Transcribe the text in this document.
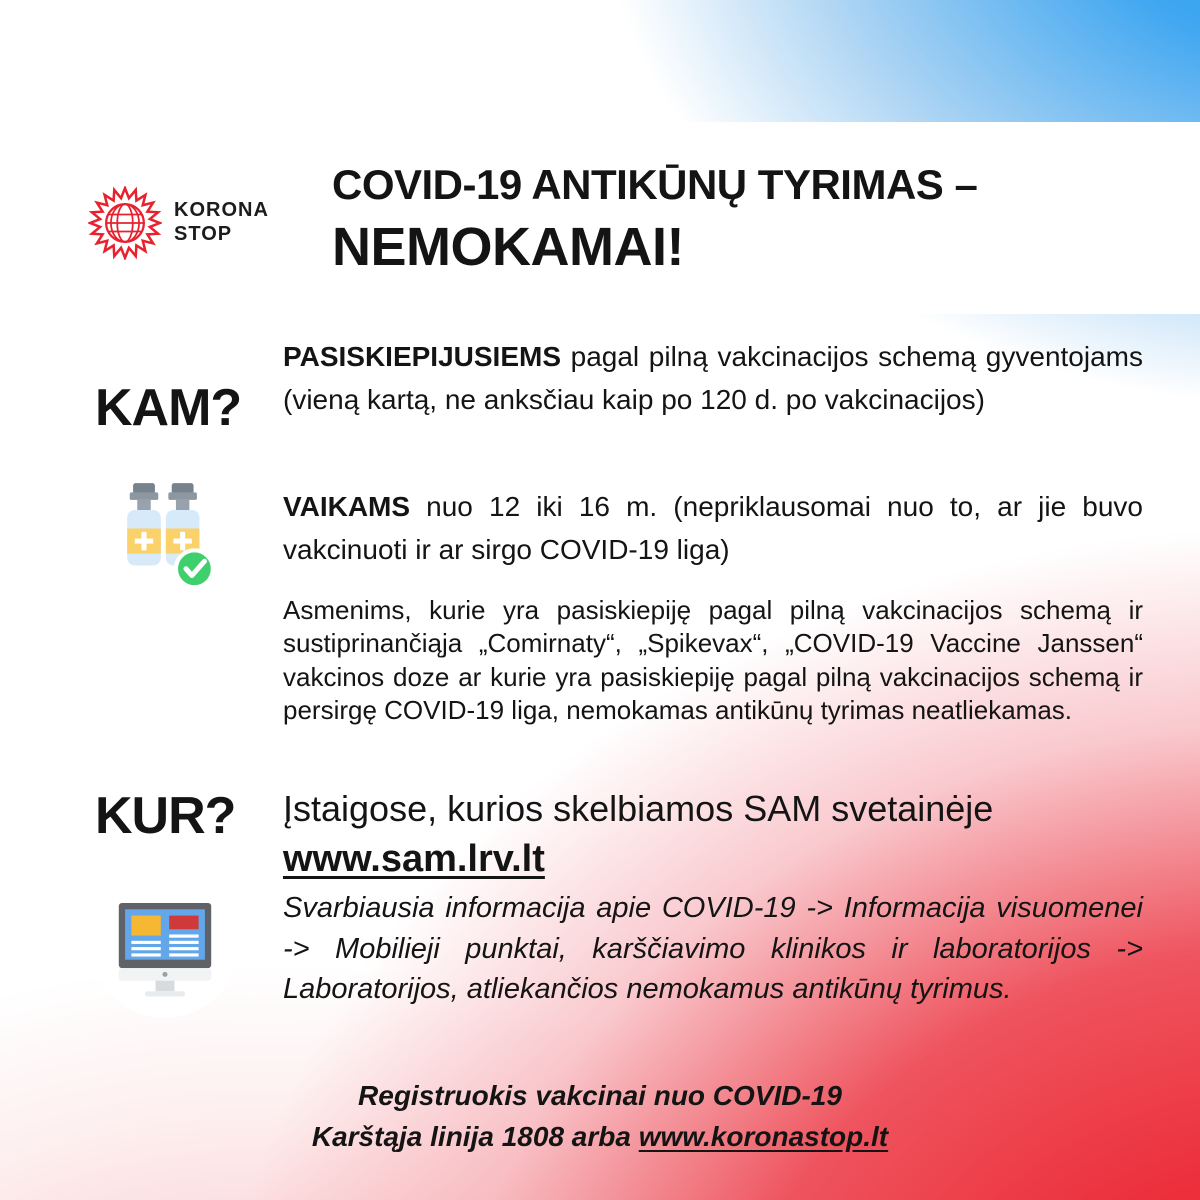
KORONA
STOP
COVID-19 ANTIKŪNŲ TYRIMAS –
NEMOKAMAI!
KAM?

PASISKIEPIJUSIEMS pagal pilną vakcinacijos schemą gyventojams (vieną kartą, ne anksčiau kaip po 120 d. po vakcinacijos)

VAIKAMS nuo 12 iki 16 m. (nepriklausomai nuo to, ar jie buvo vakcinuoti ir ar sirgo COVID-19 liga)

Asmenims, kurie yra pasiskiepiję pagal pilną vakcinacijos schemą ir sustiprinančiąja „Comirnaty“, „Spikevax“, „COVID-19 Vaccine Janssen“ vakcinos doze ar kurie yra pasiskiepiję pagal pilną vakcinacijos schemą ir persirgę COVID-19 liga, nemokamas antikūnų tyrimas neatliekamas.

KUR? Įstaigose, kurios skelbiamos SAM svetainėje

www.sam.lrv.lt

Svarbiausia informacija apie COVID-19 -> Informacija visuomenei -> Mobilieji punktai, karščiavimo klinikos ir laboratorijos -> Laboratorijos, atliekančios nemokamus antikūnų tyrimus.

Registruokis vakcinai nuo COVID-19
Karštąja linija 1808 arba www.koronastop.lt
